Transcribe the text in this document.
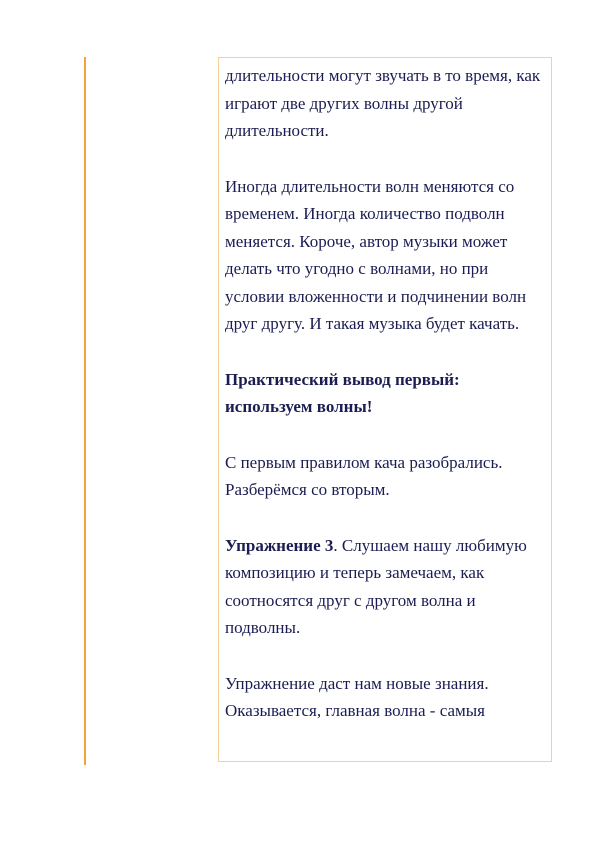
длительности могут звучать в то время, как играют две других волны другой длительности.

Иногда длительности волн меняются со временем. Иногда количество подволн меняется. Короче, автор музыки может делать что угодно с волнами, но при условии вложенности и подчинении волн друг другу. И такая музыка будет качать.

Практический вывод первый: используем волны!

С первым правилом кача разобрались. Разберёмся со вторым.

Упражнение 3. Слушаем нашу любимую композицию и теперь замечаем, как соотносятся друг с другом волна и подволны.

Упражнение даст нам новые знания. Оказывается, главная волна - самыя
